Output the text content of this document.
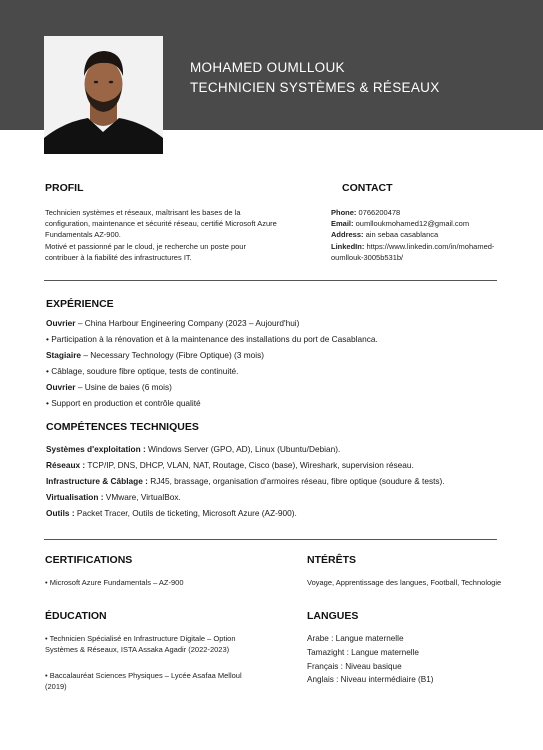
MOHAMED OUMLLOUK
TECHNICIEN SYSTÈMES & RÉSEAUX
PROFIL
Technicien systèmes et réseaux, maîtrisant les bases de la
configuration, maintenance et sécurité réseau, certifié Microsoft Azure
Fundamentals AZ-900.
Motivé et passionné par le cloud, je recherche un poste pour
contribuer à la fiabilité des infrastructures IT.
CONTACT
Phone: 0766200478
Email: oumlloukmohamed12@gmail.com
Address: ain sebaa casablanca
LinkedIn: https://www.linkedin.com/in/mohamed-
oumllouk-3005b531b/
EXPÉRIENCE
Ouvrier – China Harbour Engineering Company (2023 – Aujourd'hui)
• Participation à la rénovation et à la maintenance des installations du port de Casablanca.
Stagiaire – Necessary Technology (Fibre Optique) (3 mois)
• Câblage, soudure fibre optique, tests de continuité.
Ouvrier – Usine de baies (6 mois)
• Support en production et contrôle qualité
COMPÉTENCES TECHNIQUES
Systèmes d'exploitation : Windows Server (GPO, AD), Linux (Ubuntu/Debian).
Réseaux : TCP/IP, DNS, DHCP, VLAN, NAT, Routage, Cisco (base), Wireshark, supervision réseau.
Infrastructure & Câblage : RJ45, brassage, organisation d'armoires réseau, fibre optique (soudure & tests).
Virtualisation : VMware, VirtualBox.
Outils : Packet Tracer, Outils de ticketing, Microsoft Azure (AZ-900).
CERTIFICATIONS
• Microsoft Azure Fundamentals – AZ-900
NTÉRÊTS
Voyage, Apprentissage des langues, Football, Technologie
ÉDUCATION
• Technicien Spécialisé en Infrastructure Digitale – Option
Systèmes & Réseaux, ISTA Assaka Agadir (2022-2023)
• Baccalauréat Sciences Physiques – Lycée Asafaa Melloul
(2019)
LANGUES
Arabe : Langue maternelle
Tamazight : Langue maternelle
Français : Niveau basique
Anglais : Niveau intermédiaire (B1)
